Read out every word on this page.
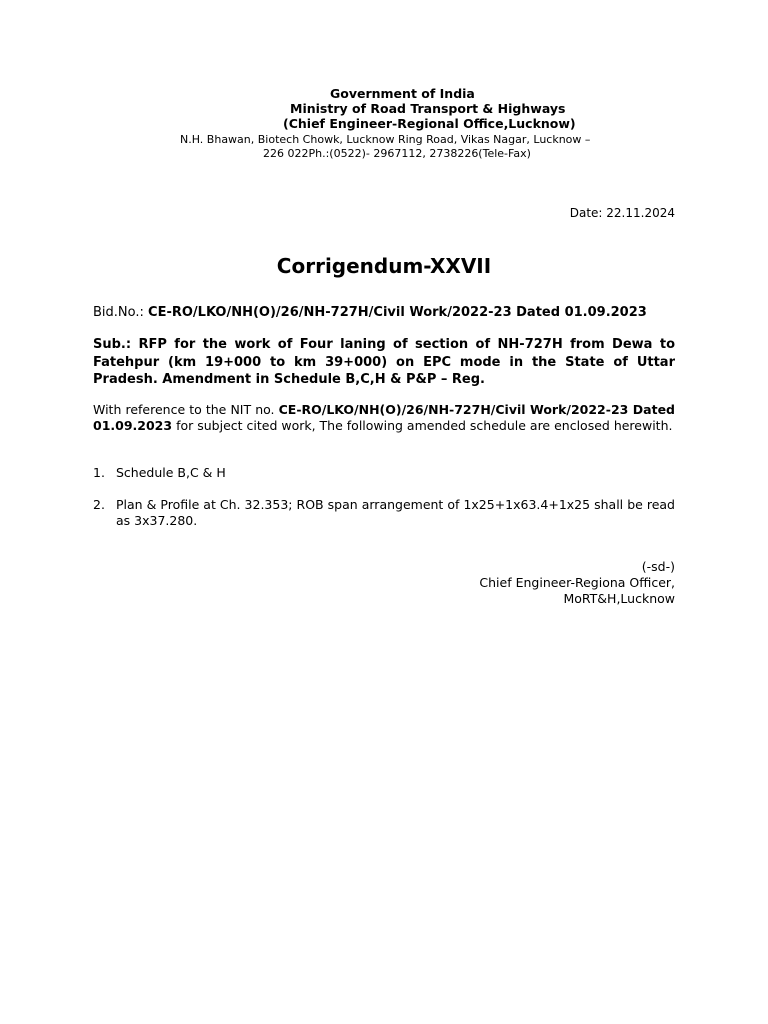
Government of India
Ministry of Road Transport & Highways
(Chief Engineer-Regional Office,Lucknow)
N.H. Bhawan, Biotech Chowk, Lucknow Ring Road, Vikas Nagar, Lucknow –
226 022Ph.:(0522)- 2967112, 2738226(Tele-Fax)
Date: 22.11.2024
Corrigendum-XXVII
Bid.No.: CE-RO/LKO/NH(O)/26/NH-727H/Civil Work/2022-23 Dated 01.09.2023
Sub.: RFP for the work of Four laning of section of NH-727H from Dewa to Fatehpur (km 19+000 to km 39+000) on EPC mode in the State of Uttar Pradesh. Amendment in Schedule B,C,H & P&P – Reg.
With reference to the NIT no. CE-RO/LKO/NH(O)/26/NH-727H/Civil Work/2022-23 Dated 01.09.2023 for subject cited work, The following amended schedule are enclosed herewith.
1. Schedule B,C & H
2. Plan & Profile at Ch. 32.353; ROB span arrangement of 1x25+1x63.4+1x25 shall be read as 3x37.280.
(-sd-)
Chief Engineer-Regiona Officer,
MoRT&H,Lucknow
